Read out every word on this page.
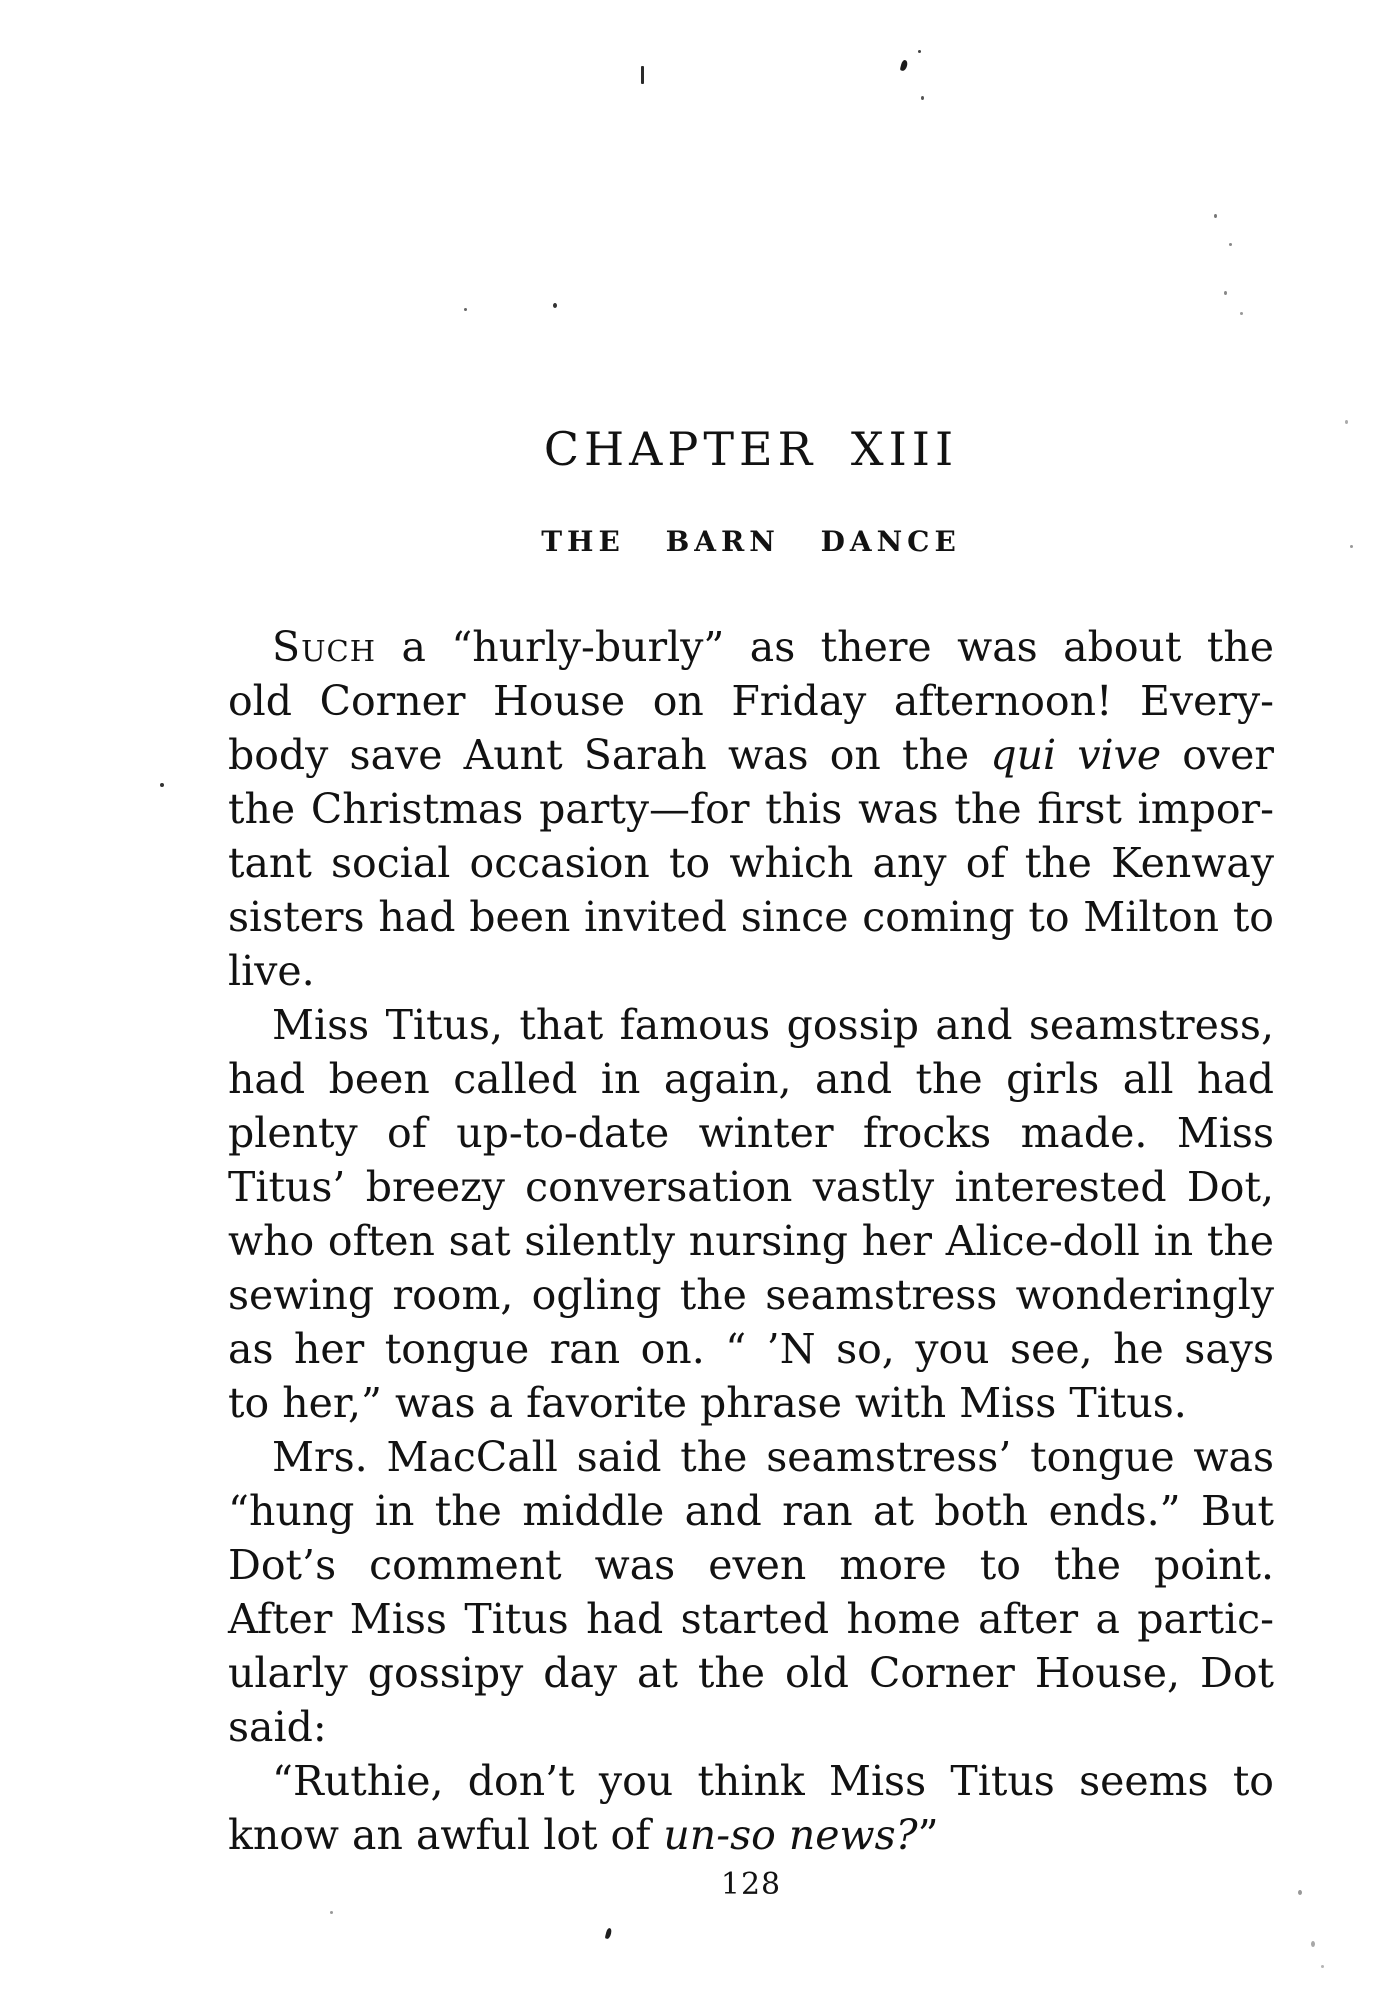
CHAPTER XIII
THE BARN DANCE
Such a “hurly-burly” as there was about the
old Corner House on Friday afternoon! Every-
body save Aunt Sarah was on the qui vive over
the Christmas party—for this was the first impor-
tant social occasion to which any of the Kenway
sisters had been invited since coming to Milton to
live.
Miss Titus, that famous gossip and seamstress,
had been called in again, and the girls all had
plenty of up-to-date winter frocks made. Miss
Titus’ breezy conversation vastly interested Dot,
who often sat silently nursing her Alice-doll in the
sewing room, ogling the seamstress wonderingly
as her tongue ran on. “ ’N so, you see, he says
to her,” was a favorite phrase with Miss Titus.
Mrs. MacCall said the seamstress’ tongue was
“hung in the middle and ran at both ends.” But
Dot’s comment was even more to the point.
After Miss Titus had started home after a partic-
ularly gossipy day at the old Corner House, Dot
said:
“Ruthie, don’t you think Miss Titus seems to
know an awful lot of un-so news?”
128
